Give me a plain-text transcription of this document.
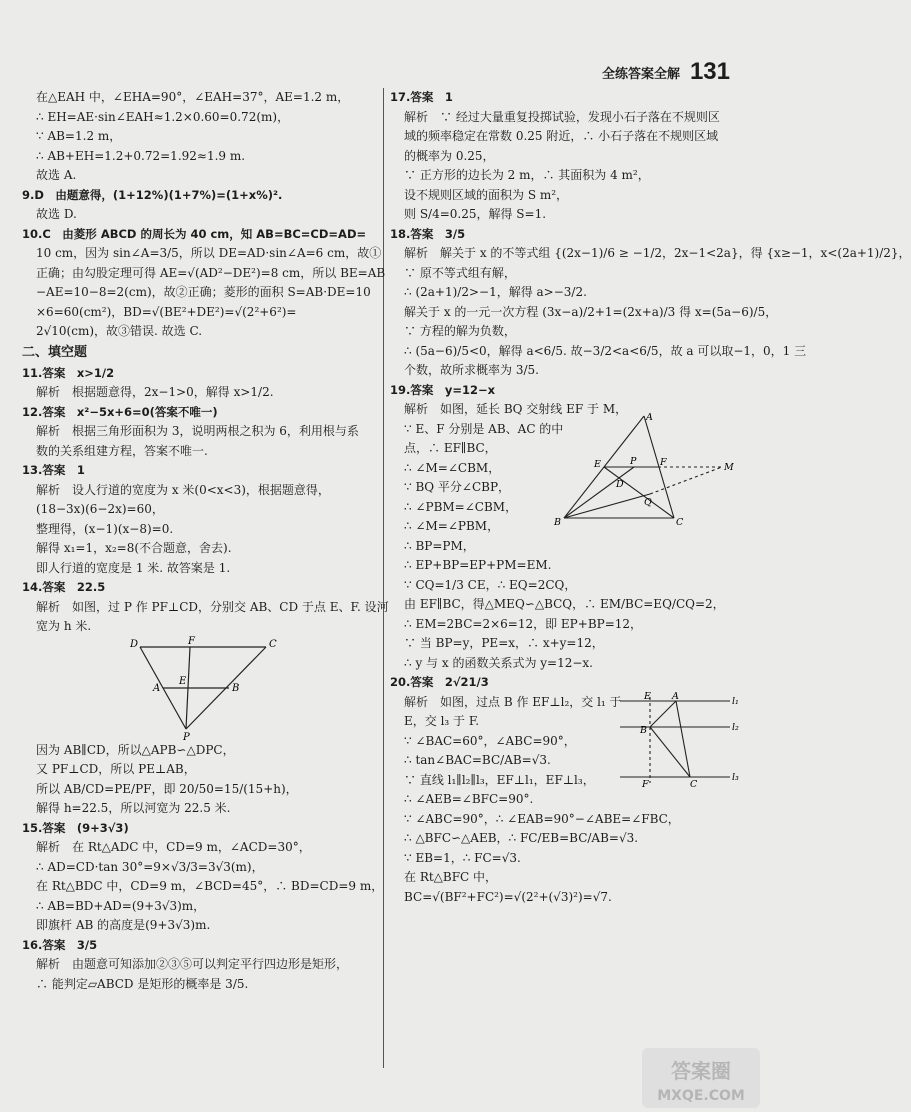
全练答案全解 131
在△EAH 中，∠EHA=90°，∠EAH=37°，AE=1.2 m，
∴ EH=AE·sin∠EAH≈1.2×0.60=0.72(m)，
∵ AB=1.2 m，
∴ AB+EH=1.2+0.72=1.92≈1.9 m.
故选 A.
9.D　由题意得，(1+12%)(1+7%)=(1+x%)².
故选 D.
10.C　由菱形 ABCD 的周长为 40 cm，知 AB=BC=CD=AD=
10 cm，因为 sin∠A=3/5，所以 DE=AD·sin∠A=6 cm，故①
正确；由勾股定理可得 AE=√(AD²−DE²)=8 cm，所以 BE=AB
−AE=10−8=2(cm)，故②正确；菱形的面积 S=AB·DE=10
×6=60(cm²)，BD=√(BE²+DE²)=√(2²+6²)=
2√10(cm)，故③错误. 故选 C.
二、填空题
11.答案　x>1/2
解析　根据题意得，2x−1>0，解得 x>1/2.
12.答案　x²−5x+6=0(答案不唯一)
解析　根据三角形面积为 3，说明两根之积为 6，利用根与系
数的关系组建方程，答案不唯一.
13.答案　1
解析　设人行道的宽度为 x 米(0<x<3)，根据题意得，
(18−3x)(6−2x)=60，
整理得，(x−1)(x−8)=0.
解得 x₁=1，x₂=8(不合题意，舍去).
即人行道的宽度是 1 米. 故答案是 1.
14.答案　22.5
解析　如图，过 P 作 PF⊥CD，分别交 AB、CD 于点 E、F. 设河
宽为 h 米.
D	F	C
E
A	B
P
因为 AB∥CD，所以△APB∽△DPC，
又 PF⊥CD，所以 PE⊥AB，
所以 AB/CD=PE/PF，即 20/50=15/(15+h)，
解得 h=22.5，所以河宽为 22.5 米.
15.答案　(9+3√3)
解析　在 Rt△ADC 中，CD=9 m，∠ACD=30°，
∴ AD=CD·tan 30°=9×√3/3=3√3(m)，
在 Rt△BDC 中，CD=9 m，∠BCD=45°，∴ BD=CD=9 m，
∴ AB=BD+AD=(9+3√3)m，
即旗杆 AB 的高度是(9+3√3)m.
16.答案　3/5
解析　由题意可知添加②③⑤可以判定平行四边形是矩形，
∴ 能判定▱ABCD 是矩形的概率是 3/5.
17.答案　1
解析　∵ 经过大量重复投掷试验，发现小石子落在不规则区
域的频率稳定在常数 0.25 附近，∴ 小石子落在不规则区域
的概率为 0.25，
∵ 正方形的边长为 2 m，∴ 其面积为 4 m²，
设不规则区域的面积为 S m²，
则 S/4=0.25，解得 S=1.
18.答案　3/5
解析　解关于 x 的不等式组 {(2x−1)/6 ≥ −1/2，2x−1<2a}，得 {x≥−1，x<(2a+1)/2}，
∵ 原不等式组有解，
∴ (2a+1)/2>−1，解得 a>−3/2.
解关于 x 的一元一次方程 (3x−a)/2+1=(2x+a)/3 得 x=(5a−6)/5，
∵ 方程的解为负数，
∴ (5a−6)/5<0，解得 a<6/5. 故−3/2<a<6/5，故 a 可以取−1，0，1 三
个数，故所求概率为 3/5.
19.答案　y=12−x
解析　如图，延长 BQ 交射线 EF 于 M，
∵ E、F 分别是 AB、AC 的中
点，∴ EF∥BC，
∴ ∠M=∠CBM，
∵ BQ 平分∠CBP，
∴ ∠PBM=∠CBM，
∴ ∠M=∠PBM，
∴ BP=PM，
∴ EP+BP=EP+PM=EM.
A
E	P F	M
D
Q
B	C
∵ CQ=1/3 CE，∴ EQ=2CQ，
由 EF∥BC，得△MEQ∽△BCQ，∴ EM/BC=EQ/CQ=2，
∴ EM=2BC=2×6=12，即 EP+BP=12，
∵ 当 BP=y，PE=x，∴ x+y=12，
∴ y 与 x 的函数关系式为 y=12−x.
20.答案　2√21/3
解析　如图，过点 B 作 EF⊥l₂，交 l₁ 于
E，交 l₃ 于 F.
∵ ∠BAC=60°，∠ABC=90°，
∴ tan∠BAC=BC/AB=√3.
E A	l₁
B	l₂
F	C
l₃
∵ 直线 l₁∥l₂∥l₃，EF⊥l₁，EF⊥l₃，
∴ ∠AEB=∠BFC=90°.
∵ ∠ABC=90°，∴ ∠EAB=90°−∠ABE=∠FBC，
∴ △BFC∽△AEB，∴ FC/EB=BC/AB=√3.
∵ EB=1，∴ FC=√3.
在 Rt△BFC 中，
BC=√(BF²+FC²)=√(2²+(√3)²)=√7.
答案圈
MXQE.COM
